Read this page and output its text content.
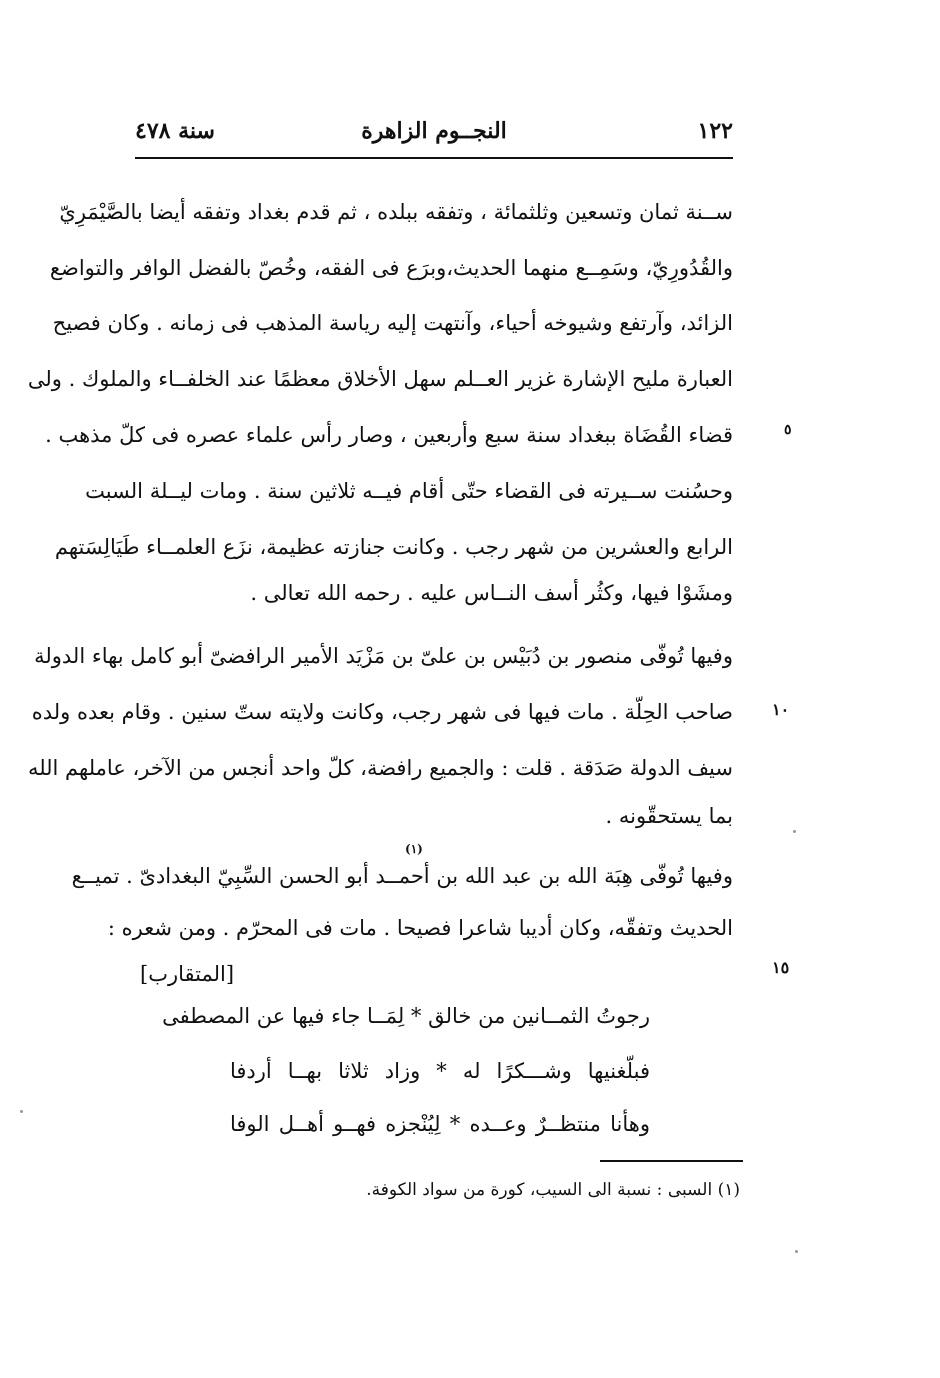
١٢٢
النجــوم الزاهرة
سنة ٤٧٨
ســنة ثمان وتسعين وثلثمائة ، وتفقه ببلده ، ثم قدم بغداد وتفقه أيضا بالصَّيْمَرِيّ
والقُدُورِيّ، وسَمِــع منهما الحديث،وبرَع فى الفقه، وخُصّ بالفضل الوافر والتواضع
الزائد، وآرتفع وشيوخه أحياء، وآنتهت إليه رياسة المذهب فى زمانه . وكان فصيح
العبارة مليح الإشارة غزير العــلم سهل الأخلاق معظمًا عند الخلفــاء والملوك . ولى
قضاء القُضَاة ببغداد سنة سبع وأربعين ، وصار رأس علماء عصره فى كلّ مذهب .
وحسُنت ســيرته فى القضاء حتّى أقام فيــه ثلاثين سنة . ومات ليــلة السبت
الرابع والعشرين من شهر رجب . وكانت جنازته عظيمة، نزَع العلمــاء طَيَالِسَتهم
ومشَوْا فيها، وكثُر أسف النــاس عليه . رحمه الله تعالى .
وفيها تُوفّى منصور بن دُبَيْس بن علىّ بن مَزْيَد الأمير الرافضىّ أبو كامل بهاء الدولة
صاحب الحِلّة . مات فيها فى شهر رجب، وكانت ولايته ستّ سنين . وقام بعده ولده
سيف الدولة صَدَقة . قلت : والجميع رافضة، كلّ واحد أنجس من الآخر، عاملهم الله
بما يستحقّونه .
(١)
وفيها تُوفّى هِبَة الله بن عبد الله بن أحمــد أبو الحسن السِّبِيّ البغدادىّ . تميــع
الحديث وتفقّه، وكان أديبا شاعرا فصيحا . مات فى المحرّم . ومن شعره :
٥
١٠
١٥
[المتقارب]
رجوتُ الثمــانين من خالق * لِمَــا جاء فيها عن المصطفى
فبلّغنيها وشـــكرًا له * وزاد ثلاثا بهــا أردفا
وهأنا منتظــرٌ وعــده * لِيُنْجزه فهــو أهــل الوفا
(١) السبى : نسبة الى السيب، كورة من سواد الكوفة.
